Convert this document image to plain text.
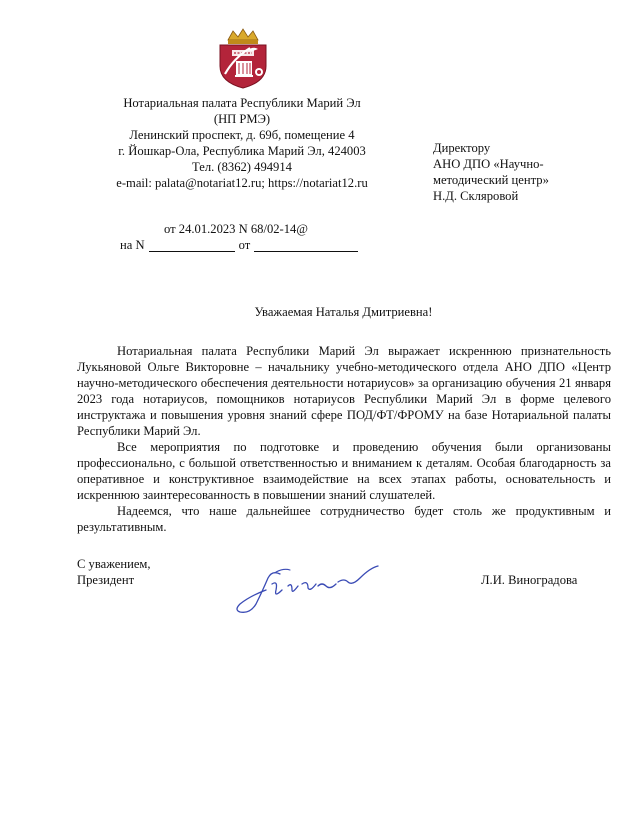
Нотариальная палата Республики Марий Эл
(НП РМЭ)
Ленинский проспект, д. 69б, помещение 4
г. Йошкар-Ола, Республика Марий Эл, 424003
Тел. (8362) 494914
e-mail: palata@notariat12.ru; https://notariat12.ru
Директору
АНО ДПО «Научно-
методический центр»
Н.Д. Скляровой
от 24.01.2023 N 68/02-14@
на N	от
Уважаемая Наталья Дмитриевна!

Нотариальная палата Республики Марий Эл выражает искреннюю признательность Лукьяновой Ольге Викторовне – начальнику учебно-методического отдела АНО ДПО «Центр научно-методического обеспечения деятельности нотариусов» за организацию обучения 21 января 2023 года нотариусов, помощников нотариусов Республики Марий Эл в форме целевого инструктажа и повышения уровня знаний сфере ПОД/ФТ/ФРОМУ на базе Нотариальной палаты Республики Марий Эл.

Все мероприятия по подготовке и проведению обучения были организованы профессионально, с большой ответственностью и вниманием к деталям. Особая благодарность за оперативное и конструктивное взаимодействие на всех этапах работы, основательность и искреннюю заинтересованность в повышении знаний слушателей.

Надеемся, что наше дальнейшее сотрудничество будет столь же продуктивным и результативным.

С уважением,
Президент	Л.И. Виноградова
